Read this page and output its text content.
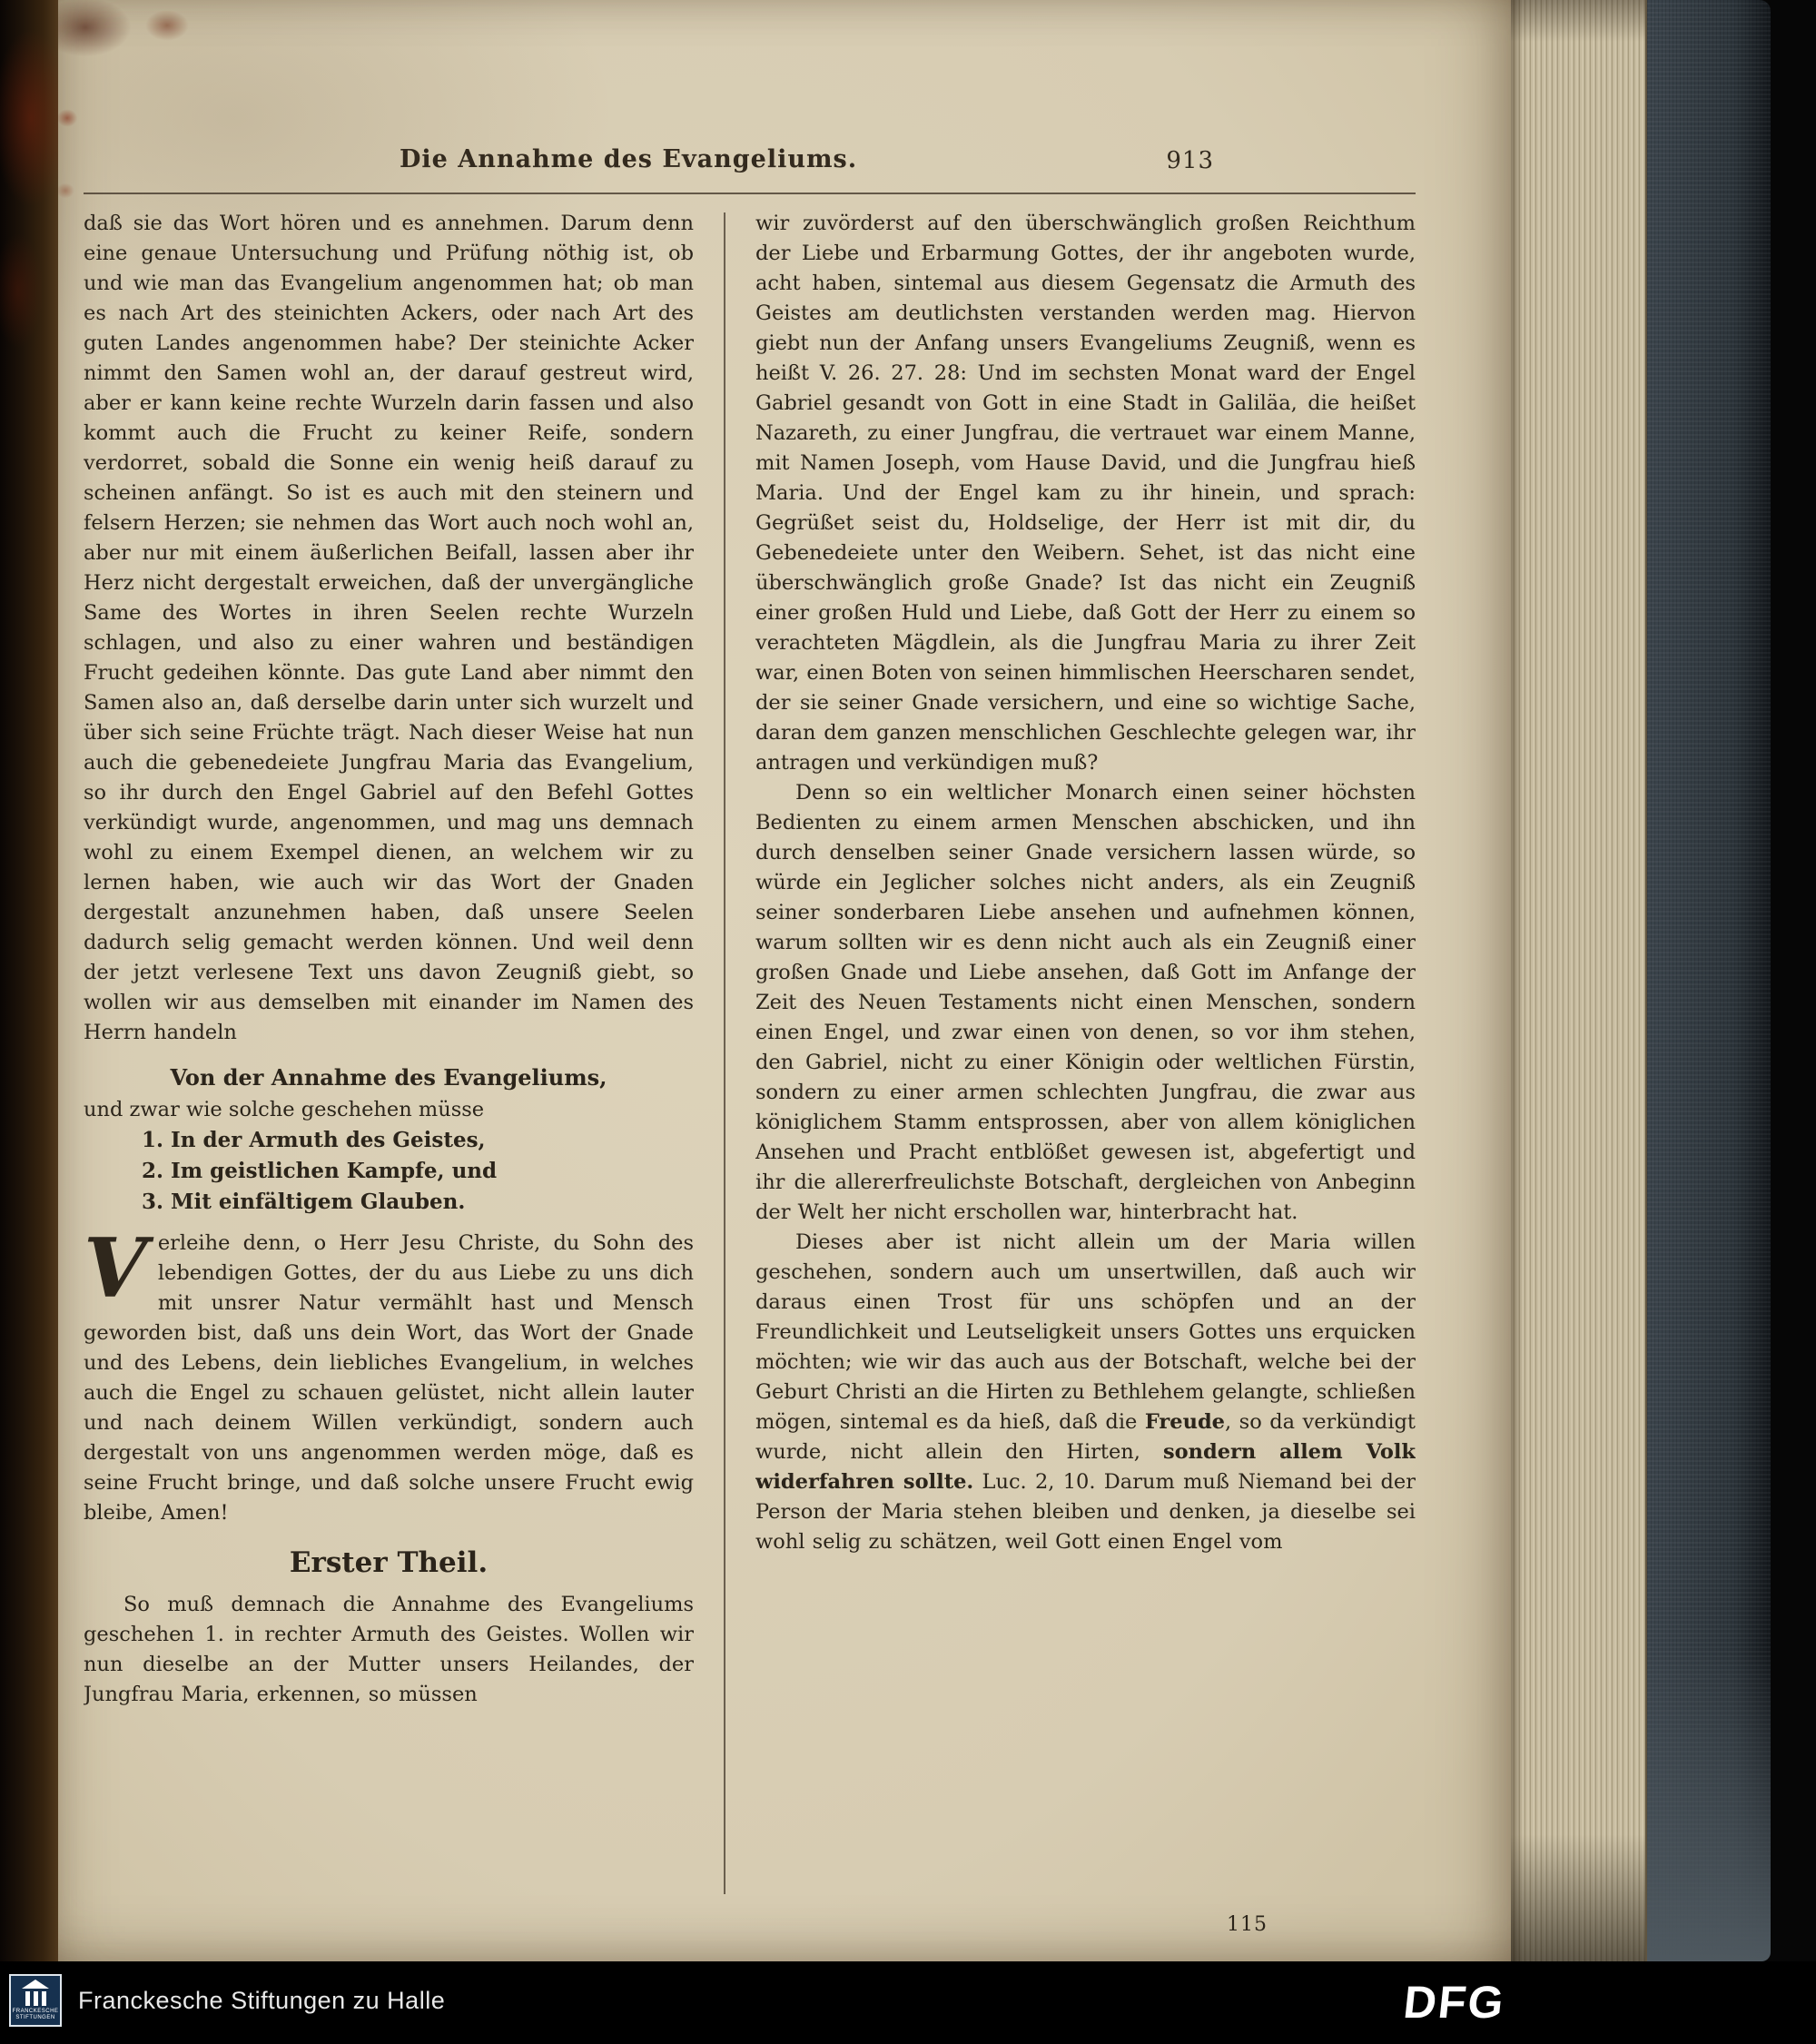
Die Annahme des Evangeliums.	913

daß sie das Wort hören und es annehmen. Darum denn eine genaue Untersuchung und Prüfung nöthig ist, ob und wie man das Evangelium angenommen hat; ob man es nach Art des steinichten Ackers, oder nach Art des guten Landes angenommen habe? Der steinichte Acker nimmt den Samen wohl an, der darauf gestreut wird, aber er kann keine rechte Wurzeln darin fassen und also kommt auch die Frucht zu keiner Reife, sondern verdorret, sobald die Sonne ein wenig heiß darauf zu scheinen anfängt. So ist es auch mit den steinern und felsern Herzen; sie nehmen das Wort auch noch wohl an, aber nur mit einem äußerlichen Beifall, lassen aber ihr Herz nicht dergestalt erweichen, daß der unvergängliche Same des Wortes in ihren Seelen rechte Wurzeln schlagen, und also zu einer wahren und beständigen Frucht gedeihen könnte. Das gute Land aber nimmt den Samen also an, daß derselbe darin unter sich wurzelt und über sich seine Früchte trägt. Nach dieser Weise hat nun auch die gebenedeiete Jungfrau Maria das Evangelium, so ihr durch den Engel Gabriel auf den Befehl Gottes verkündigt wurde, angenommen, und mag uns demnach wohl zu einem Exempel dienen, an welchem wir zu lernen haben, wie auch wir das Wort der Gnaden dergestalt anzunehmen haben, daß unsere Seelen dadurch selig gemacht werden können. Und weil denn der jetzt verlesene Text uns davon Zeugniß giebt, so wollen wir aus demselben mit einander im Namen des Herrn handeln

Von der Annahme des Evangeliums,

und zwar wie solche geschehen müsse

1. In der Armuth des Geistes,

2. Im geistlichen Kampfe, und

3. Mit einfältigem Glauben.

Verleihe denn, o Herr Jesu Christe, du Sohn des lebendigen Gottes, der du aus Liebe zu uns dich mit unsrer Natur vermählt hast und Mensch geworden bist, daß uns dein Wort, das Wort der Gnade und des Lebens, dein liebliches Evangelium, in welches auch die Engel zu schauen gelüstet, nicht allein lauter und nach deinem Willen verkündigt, sondern auch dergestalt von uns angenommen werden möge, daß es seine Frucht bringe, und daß solche unsere Frucht ewig bleibe, Amen!

Erster Theil.

So muß demnach die Annahme des Evangeliums geschehen 1. in rechter Armuth des Geistes. Wollen wir nun dieselbe an der Mutter unsers Heilandes, der Jungfrau Maria, erkennen, so müssen

wir zuvörderst auf den überschwänglich großen Reichthum der Liebe und Erbarmung Gottes, der ihr angeboten wurde, acht haben, sintemal aus diesem Gegensatz die Armuth des Geistes am deutlichsten verstanden werden mag. Hiervon giebt nun der Anfang unsers Evangeliums Zeugniß, wenn es heißt V. 26. 27. 28: Und im sechsten Monat ward der Engel Gabriel gesandt von Gott in eine Stadt in Galiläa, die heißet Nazareth, zu einer Jungfrau, die vertrauet war einem Manne, mit Namen Joseph, vom Hause David, und die Jungfrau hieß Maria. Und der Engel kam zu ihr hinein, und sprach: Gegrüßet seist du, Holdselige, der Herr ist mit dir, du Gebenedeiete unter den Weibern. Sehet, ist das nicht eine überschwänglich große Gnade? Ist das nicht ein Zeugniß einer großen Huld und Liebe, daß Gott der Herr zu einem so verachteten Mägdlein, als die Jungfrau Maria zu ihrer Zeit war, einen Boten von seinen himmlischen Heerscharen sendet, der sie seiner Gnade versichern, und eine so wichtige Sache, daran dem ganzen menschlichen Geschlechte gelegen war, ihr antragen und verkündigen muß?

Denn so ein weltlicher Monarch einen seiner höchsten Bedienten zu einem armen Menschen abschicken, und ihn durch denselben seiner Gnade versichern lassen würde, so würde ein Jeglicher solches nicht anders, als ein Zeugniß seiner sonderbaren Liebe ansehen und aufnehmen können, warum sollten wir es denn nicht auch als ein Zeugniß einer großen Gnade und Liebe ansehen, daß Gott im Anfange der Zeit des Neuen Testaments nicht einen Menschen, sondern einen Engel, und zwar einen von denen, so vor ihm stehen, den Gabriel, nicht zu einer Königin oder weltlichen Fürstin, sondern zu einer armen schlechten Jungfrau, die zwar aus königlichem Stamm entsprossen, aber von allem königlichen Ansehen und Pracht entblößet gewesen ist, abgefertigt und ihr die allererfreulichste Botschaft, dergleichen von Anbeginn der Welt her nicht erschollen war, hinterbracht hat.

Dieses aber ist nicht allein um der Maria willen geschehen, sondern auch um unsertwillen, daß auch wir daraus einen Trost für uns schöpfen und an der Freundlichkeit und Leutseligkeit unsers Gottes uns erquicken möchten; wie wir das auch aus der Botschaft, welche bei der Geburt Christi an die Hirten zu Bethlehem gelangte, schließen mögen, sintemal es da hieß, daß die Freude, so da verkündigt wurde, nicht allein den Hirten, sondern allem Volk widerfahren sollte. Luc. 2, 10. Darum muß Niemand bei der Person der Maria stehen bleiben und denken, ja dieselbe sei wohl selig zu schätzen, weil Gott einen Engel vom

115
FRANCKESCHE STIFTUNGEN
Franckesche Stiftungen zu Halle	DFG
